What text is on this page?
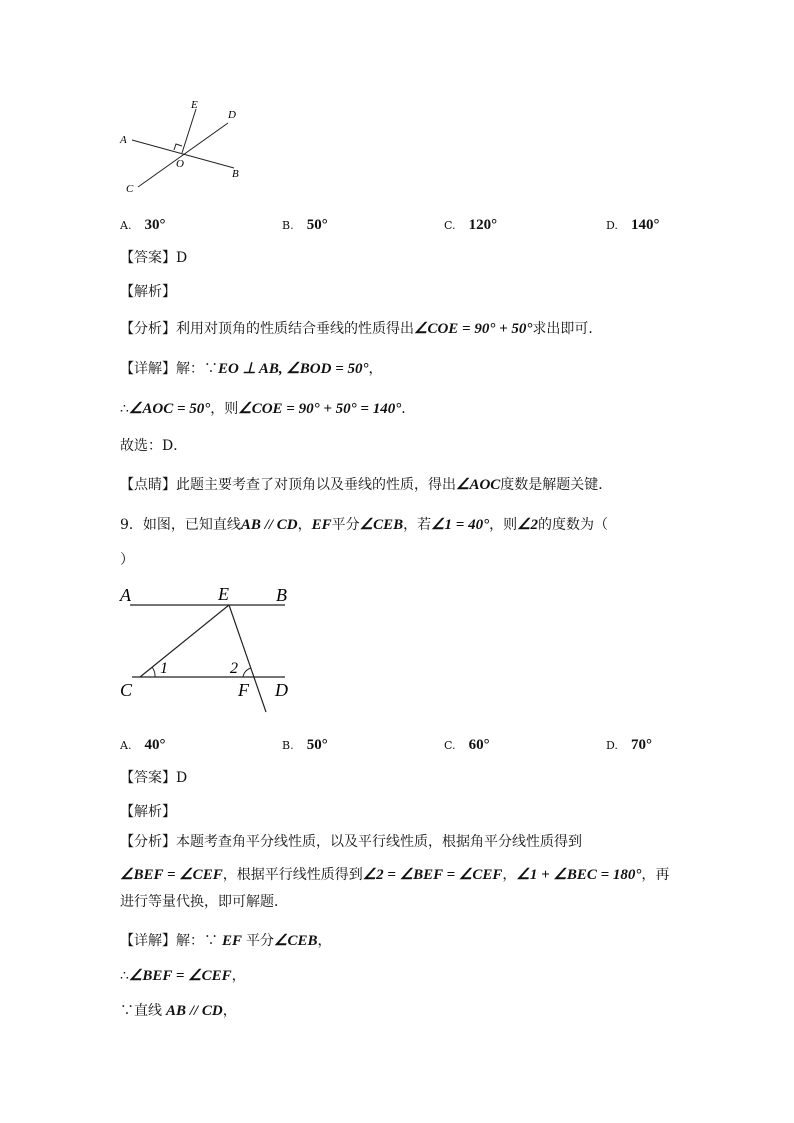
A
B
C
D
E
O
A. 30°	B. 50°	C. 120°	D. 140°
【答案】D
【解析】
【分析】利用对顶角的性质结合垂线的性质得出∠COE = 90° + 50°求出即可．
【详解】解：∵EO ⊥ AB, ∠BOD = 50°，
∴∠AOC = 50°，则∠COE = 90° + 50° = 140°．
故选：D．
【点睛】此题主要考查了对顶角以及垂线的性质，得出∠AOC度数是解题关键．
9．如图，已知直线AB // CD，EF平分∠CEB，若∠1 = 40°，则∠2的度数为（
）
A	E	B
C	F D
1	2
A. 40°	B. 50°	C. 60°	D. 70°
【答案】D
【解析】
【分析】本题考查角平分线性质，以及平行线性质，根据角平分线性质得到
∠BEF = ∠CEF，根据平行线性质得到∠2 = ∠BEF = ∠CEF，∠1 + ∠BEC = 180°，再
进行等量代换，即可解题．
【详解】解：∵ EF 平分∠CEB，
∴∠BEF = ∠CEF，
∵直线 AB // CD，
